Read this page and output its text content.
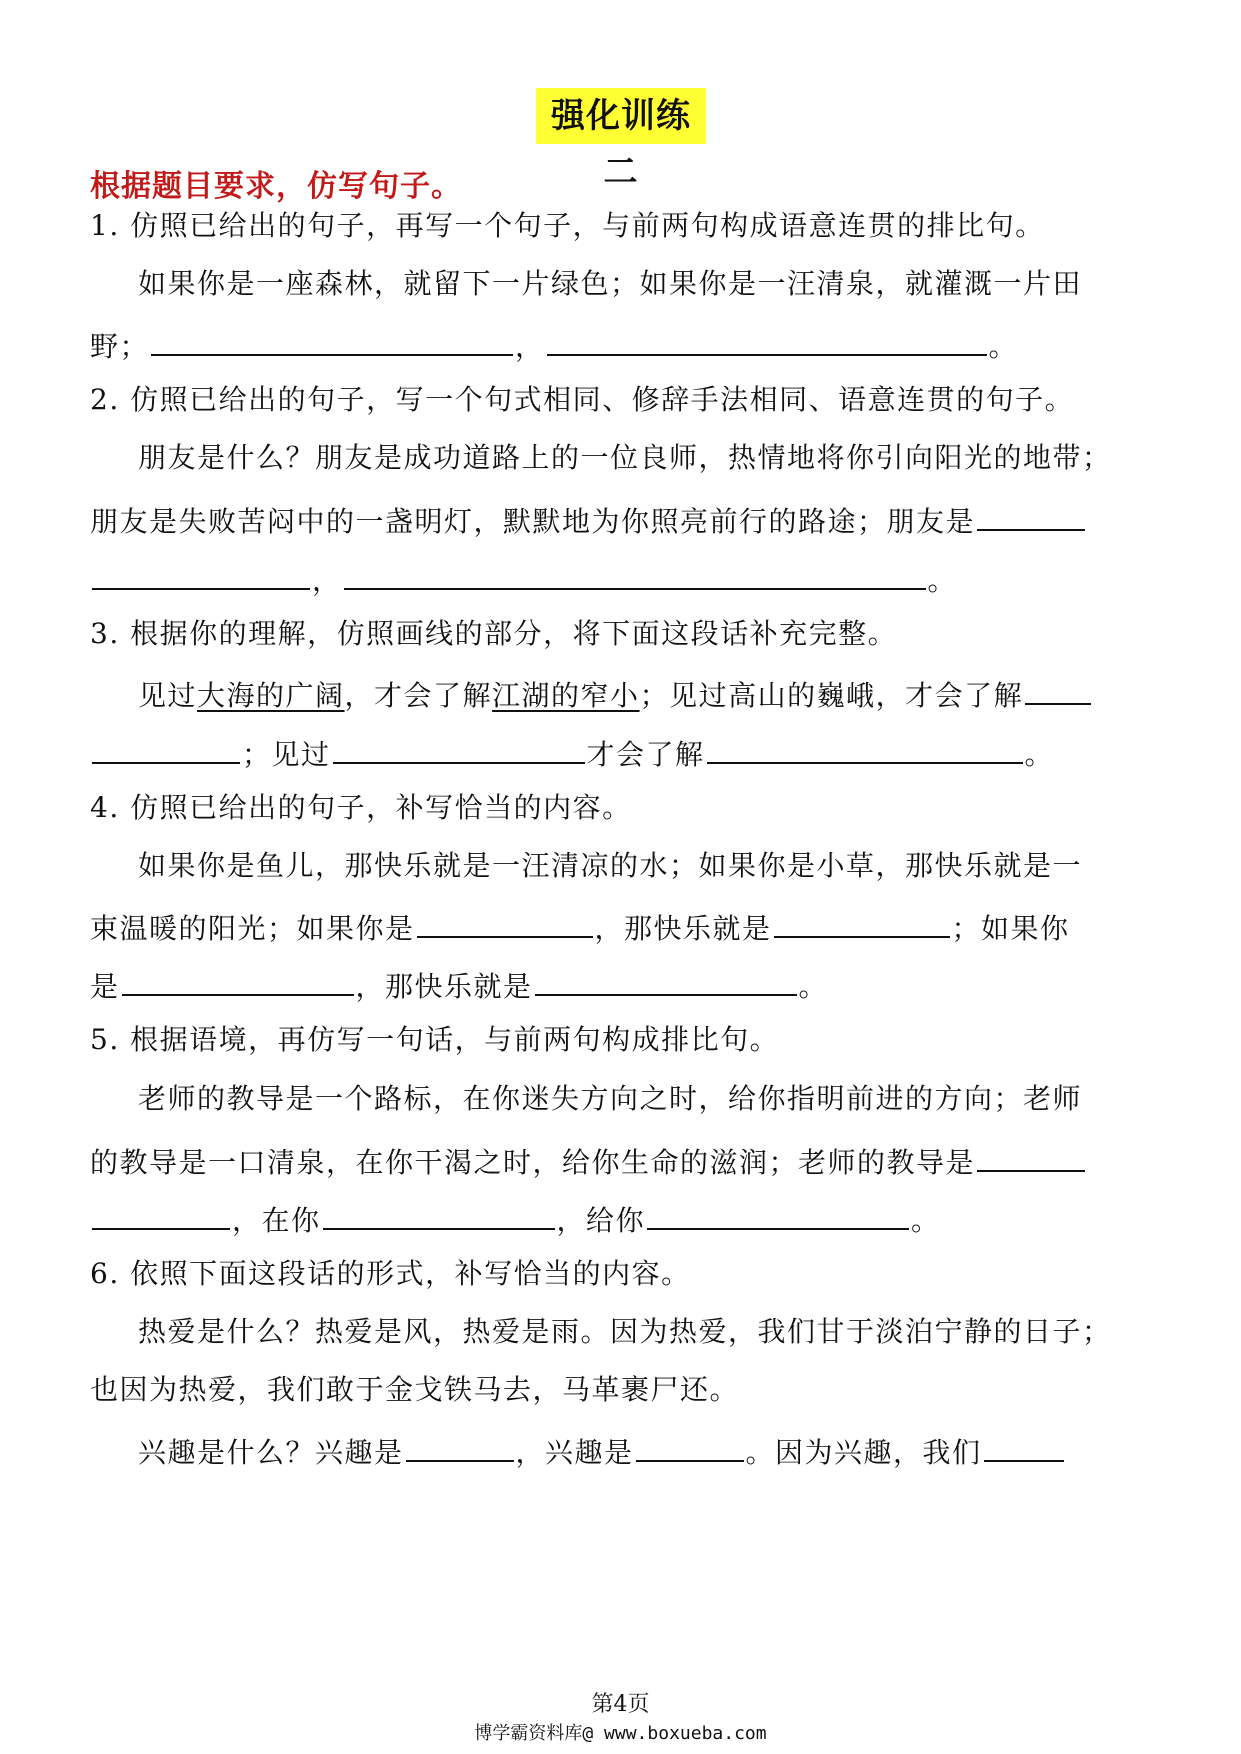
强化训练二
根据题目要求，仿写句子。
1. 仿照已给出的句子，再写一个句子，与前两句构成语意连贯的排比句。
如果你是一座森林，就留下一片绿色；如果你是一汪清泉，就灌溉一片田
野；	，	。
2. 仿照已给出的句子，写一个句式相同、修辞手法相同、语意连贯的句子。
朋友是什么？朋友是成功道路上的一位良师，热情地将你引向阳光的地带；
朋友是失败苦闷中的一盏明灯，默默地为你照亮前行的路途；朋友是
，	。
3. 根据你的理解，仿照画线的部分，将下面这段话补充完整。
见过大海的广阔，才会了解江湖的窄小；见过高山的巍峨，才会了解
；见过	才会了解	。
4. 仿照已给出的句子，补写恰当的内容。
如果你是鱼儿，那快乐就是一汪清凉的水；如果你是小草，那快乐就是一
束温暖的阳光；如果你是	，那快乐就是	；如果你
是	，那快乐就是	。
5. 根据语境，再仿写一句话，与前两句构成排比句。
老师的教导是一个路标，在你迷失方向之时，给你指明前进的方向；老师
的教导是一口清泉，在你干渴之时，给你生命的滋润；老师的教导是
，在你	，给你	。
6. 依照下面这段话的形式，补写恰当的内容。
热爱是什么？热爱是风，热爱是雨。因为热爱，我们甘于淡泊宁静的日子；
也因为热爱，我们敢于金戈铁马去，马革裹尸还。
兴趣是什么？兴趣是	，兴趣是	。因为兴趣，我们
第4页
博学霸资料库@ www.boxueba.com
